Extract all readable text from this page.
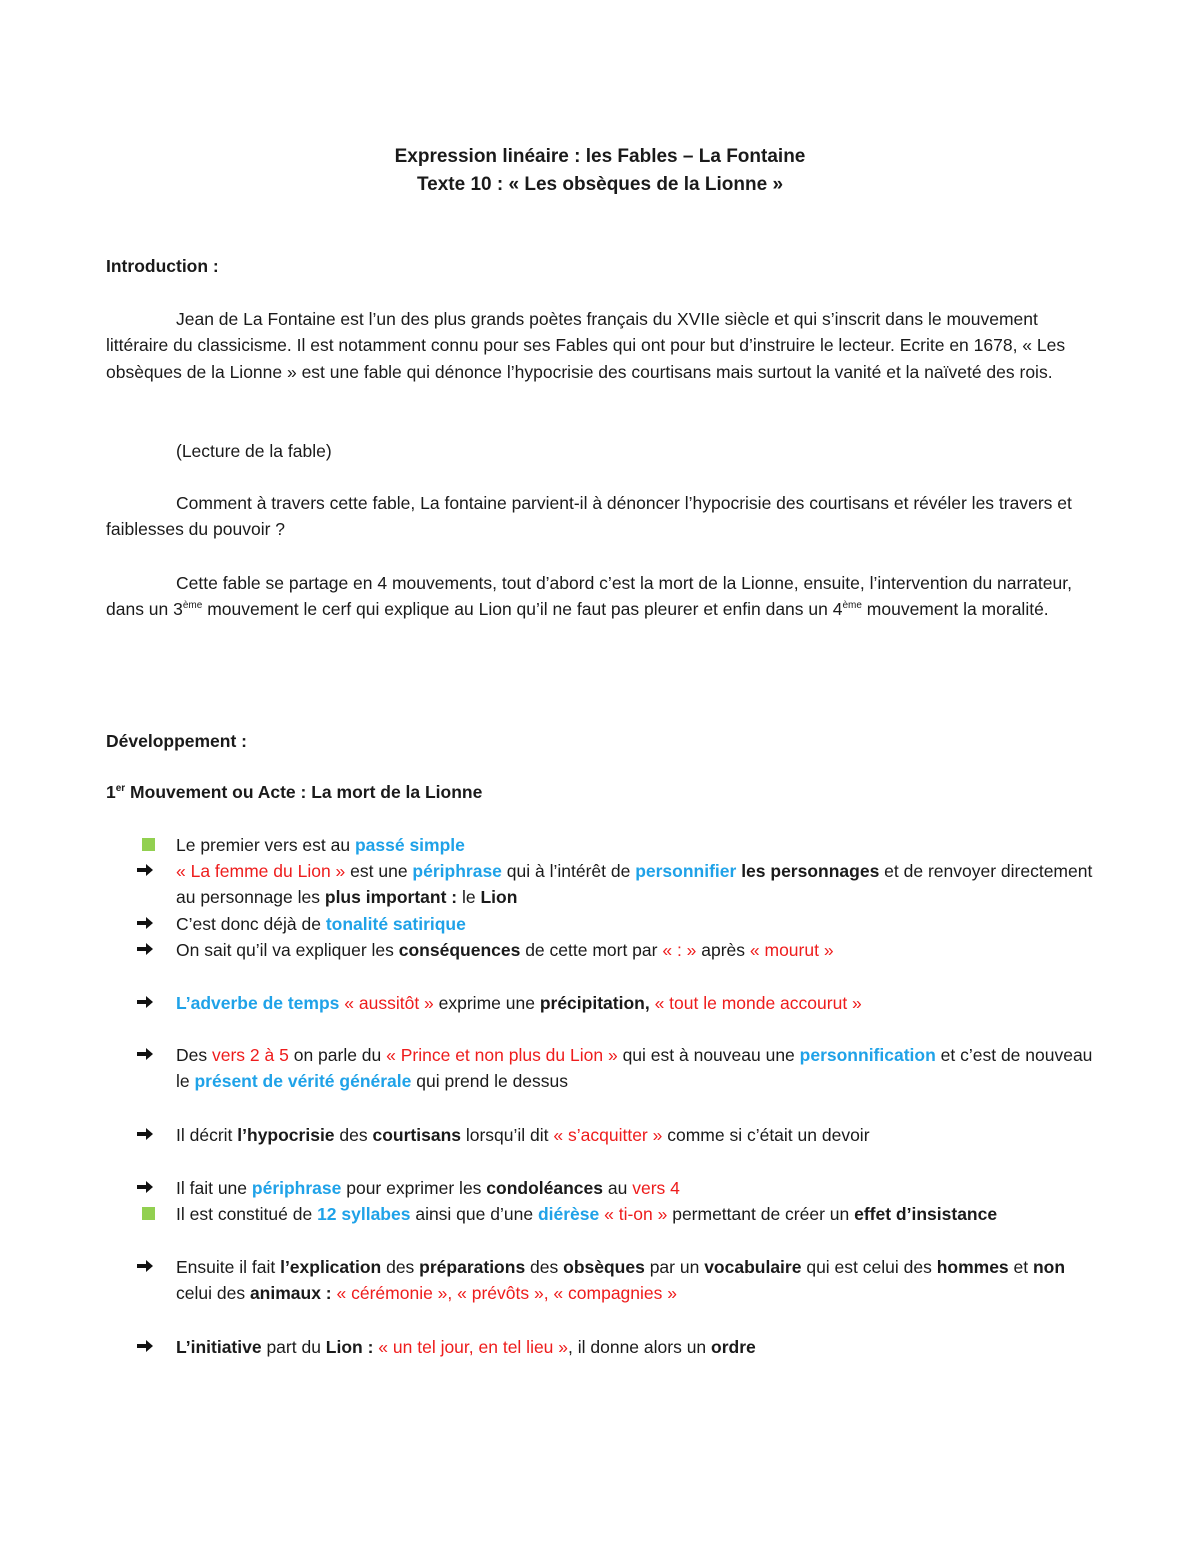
Expression linéaire : les Fables – La Fontaine
Texte 10 : « Les obsèques de la Lionne »
Introduction :
Jean de La Fontaine est l’un des plus grands poètes français du XVIIe siècle et qui s’inscrit dans le mouvement littéraire du classicisme. Il est notamment connu pour ses Fables qui ont pour but d’instruire le lecteur. Ecrite en 1678, « Les obsèques de la Lionne » est une fable qui dénonce l’hypocrisie des courtisans mais surtout la vanité et la naïveté des rois.
(Lecture de la fable)
Comment à travers cette fable, La fontaine parvient-il à dénoncer l’hypocrisie des courtisans et révéler les travers et faiblesses du pouvoir ?
Cette fable se partage en 4 mouvements, tout d’abord c’est la mort de la Lionne, ensuite, l’intervention du narrateur, dans un 3ème mouvement le cerf qui explique au Lion qu’il ne faut pas pleurer et enfin dans un 4ème mouvement la moralité.
Développement :
1er Mouvement ou Acte : La mort de la Lionne
Le premier vers est au passé simple
« La femme du Lion » est une périphrase qui à l’intérêt de personnifier les personnages et de renvoyer directement au personnage les plus important : le Lion
C’est donc déjà de tonalité satirique
On sait qu’il va expliquer les conséquences de cette mort par « : » après « mourut »
L’adverbe de temps « aussitôt » exprime une précipitation, « tout le monde accourut »
Des vers 2 à 5 on parle du « Prince et non plus du Lion » qui est à nouveau une personnification et c’est de nouveau le présent de vérité générale qui prend le dessus
Il décrit l’hypocrisie des courtisans lorsqu’il dit « s’acquitter » comme si c’était un devoir
Il fait une périphrase pour exprimer les condoléances au vers 4
Il est constitué de 12 syllabes ainsi que d’une diérèse « ti-on » permettant de créer un effet d’insistance
Ensuite il fait l’explication des préparations des obsèques par un vocabulaire qui est celui des hommes et non celui des animaux : « cérémonie », « prévôts », « compagnies »
L’initiative part du Lion : « un tel jour, en tel lieu », il donne alors un ordre
